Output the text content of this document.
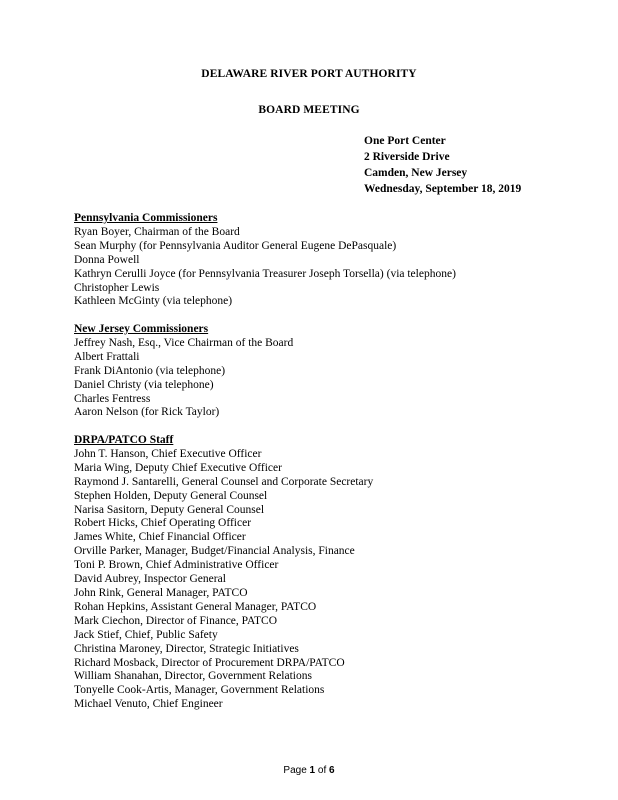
DELAWARE RIVER PORT AUTHORITY
BOARD MEETING
One Port Center
2 Riverside Drive
Camden, New Jersey
Wednesday, September 18, 2019
Pennsylvania Commissioners
Ryan Boyer, Chairman of the Board
Sean Murphy (for Pennsylvania Auditor General Eugene DePasquale)
Donna Powell
Kathryn Cerulli Joyce (for Pennsylvania Treasurer Joseph Torsella) (via telephone)
Christopher Lewis
Kathleen McGinty (via telephone)
New Jersey Commissioners
Jeffrey Nash, Esq., Vice Chairman of the Board
Albert Frattali
Frank DiAntonio (via telephone)
Daniel Christy (via telephone)
Charles Fentress
Aaron Nelson (for Rick Taylor)
DRPA/PATCO Staff
John T. Hanson, Chief Executive Officer
Maria Wing, Deputy Chief Executive Officer
Raymond J. Santarelli, General Counsel and Corporate Secretary
Stephen Holden, Deputy General Counsel
Narisa Sasitorn, Deputy General Counsel
Robert Hicks, Chief Operating Officer
James White, Chief Financial Officer
Orville Parker, Manager, Budget/Financial Analysis, Finance
Toni P. Brown, Chief Administrative Officer
David Aubrey, Inspector General
John Rink, General Manager, PATCO
Rohan Hepkins, Assistant General Manager, PATCO
Mark Ciechon, Director of Finance, PATCO
Jack Stief, Chief, Public Safety
Christina Maroney, Director, Strategic Initiatives
Richard Mosback, Director of Procurement DRPA/PATCO
William Shanahan, Director, Government Relations
Tonyelle Cook-Artis, Manager, Government Relations
Michael Venuto, Chief Engineer
Page 1 of 6
